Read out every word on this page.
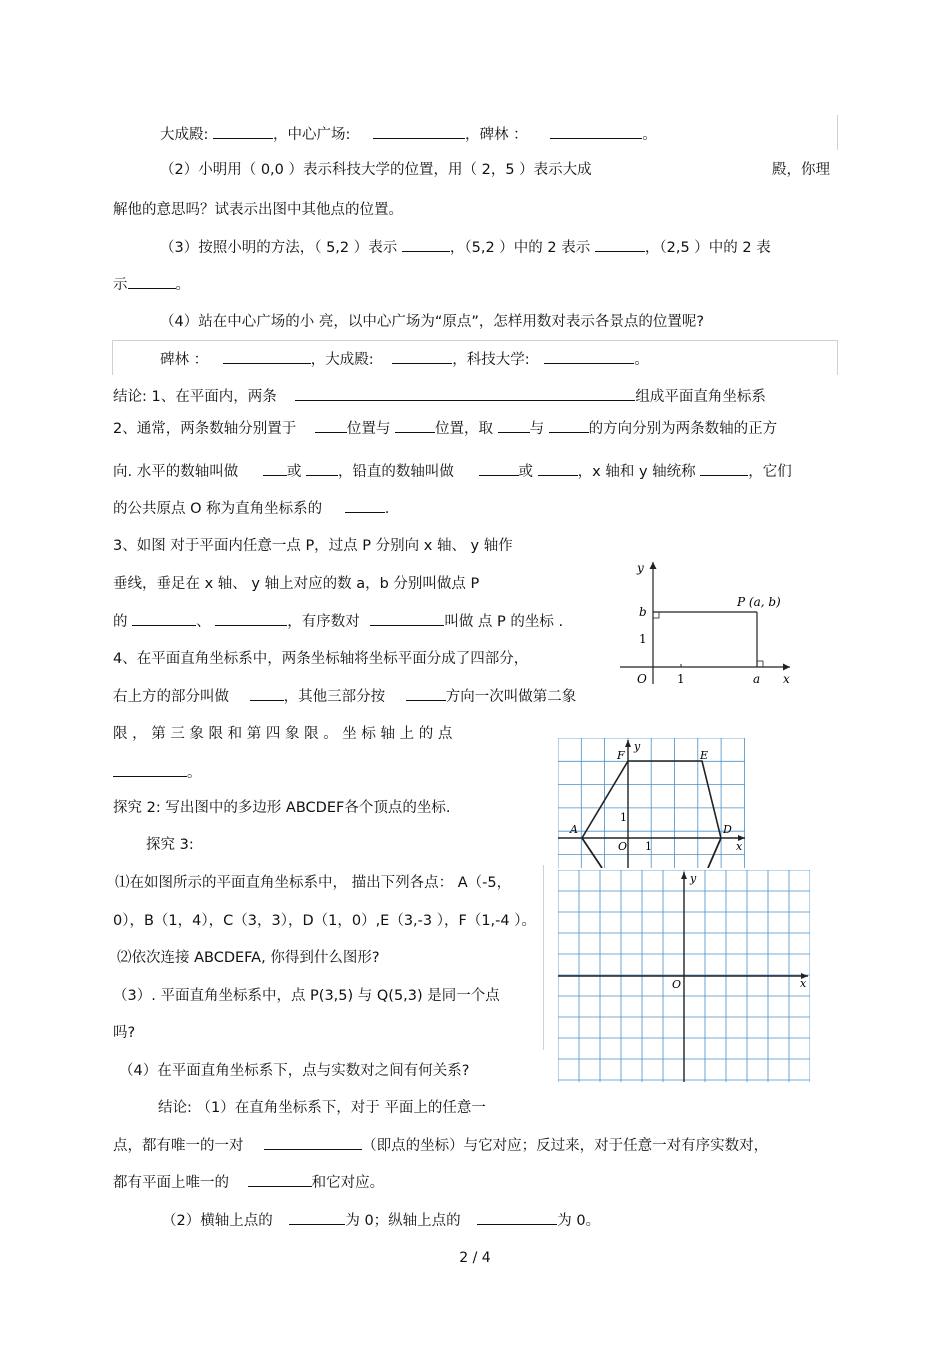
大成殿:	，中心广场:	，碑林 ：	。
（2）小明用（ 0,0 ）表示科技大学的位置，用（ 2，5 ）表示大成	殿，你理
解他的意思吗？试表示出图中其他点的位置。
（3）按照小明的方法，（ 5,2 ）表示	，（5,2 ）中的 2 表示	，（2,5 ）中的 2 表
示	。
（4）站在中心广场的小 亮，以中心广场为“原点”，怎样用数对表示各景点的位置呢?
碑林 ：	，大成殿:	，科技大学:	。
结论: 1、在平面内，两条	组成平面直角坐标系
2、通常，两条数轴分别置于	位置与	位置，取	与	的方向分别为两条数轴的正方
向. 水平的数轴叫做	或	，铅直的数轴叫做	或	，x 轴和 y 轴统称	，它们
的公共原点 O 称为直角坐标系的	.
3、如图 对于平面内任意一点 P，过点 P 分别向 x 轴、 y 轴作
垂线，垂足在 x 轴、 y 轴上对应的数 a，b 分别叫做点 P
的	、	，有序数对	叫做 点 P 的坐标 .
4、在平面直角坐标系中，两条坐标轴将坐标平面分成了四部分，
右上方的部分叫做	，其他三部分按	方向一次叫做第二象
限 ， 第 三 象 限 和 第 四 象 限 。 坐 标 轴 上 的 点
。
探究 2: 写出图中的多边形 ABCDEF各个顶点的坐标.
探究 3:
⑴在如图所示的平面直角坐标系中， 描出下列各点： A（-5，
0），B（1，4），C（3，3），D（1，0）,E（3,-3 ），F（1,-4 ）。
⑵依次连接 ABCDEFA, 你得到什么图形?
（3）. 平面直角坐标系中，点 P(3,5) 与 Q(5,3) 是同一个点
吗?
（4）在平面直角坐标系下，点与实数对之间有何关系?
结论: （1）在直角坐标系下，对于 平面上的任意一
点，都有唯一的一对	（即点的坐标）与它对应；反过来，对于任意一对有序实数对，
都有平面上唯一的	和它对应。
（2）横轴上点的	为 0；纵轴上点的	为 0。
2 / 4
y
x
O	1
1
b
a
P (a, b)
y
x
O 1
1
A	D
E
F
y
x
O
